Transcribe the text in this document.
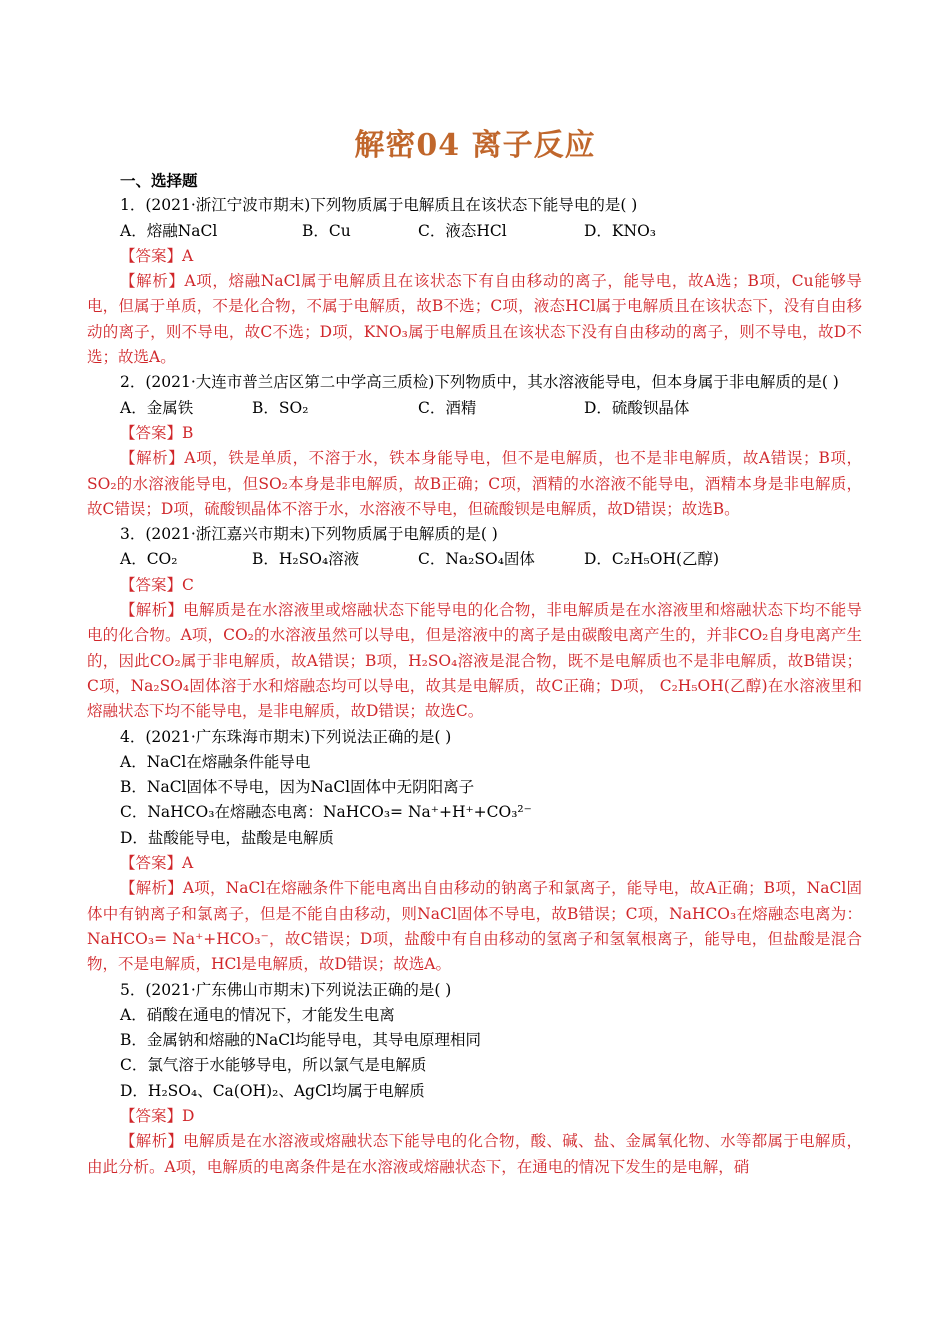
解密04 离子反应
一、选择题
1．(2021·浙江宁波市期末)下列物质属于电解质且在该状态下能导电的是( )
A．熔融NaCl	B．Cu	C．液态HCl	D．KNO₃
【答案】A
【解析】A项，熔融NaCl属于电解质且在该状态下有自由移动的离子，能导电，故A选；B项，Cu能够导电，但属于单质，不是化合物，不属于电解质，故B不选；C项，液态HCl属于电解质且在该状态下，没有自由移动的离子，则不导电，故C不选；D项，KNO₃属于电解质且在该状态下没有自由移动的离子，则不导电，故D不选；故选A。
2．(2021·大连市普兰店区第二中学高三质检)下列物质中，其水溶液能导电，但本身属于非电解质的是( )
A．金属铁	B．SO₂	C．酒精	D．硫酸钡晶体
【答案】B
【解析】A项，铁是单质，不溶于水，铁本身能导电，但不是电解质，也不是非电解质，故A错误；B项，SO₂的水溶液能导电，但SO₂本身是非电解质，故B正确；C项，酒精的水溶液不能导电，酒精本身是非电解质，故C错误；D项，硫酸钡晶体不溶于水，水溶液不导电，但硫酸钡是电解质，故D错误；故选B。
3．(2021·浙江嘉兴市期末)下列物质属于电解质的是( )
A．CO₂	B．H₂SO₄溶液	C．Na₂SO₄固体	D．C₂H₅OH(乙醇)
【答案】C
【解析】电解质是在水溶液里或熔融状态下能导电的化合物，非电解质是在水溶液里和熔融状态下均不能导电的化合物。A项，CO₂的水溶液虽然可以导电，但是溶液中的离子是由碳酸电离产生的，并非CO₂自身电离产生的，因此CO₂属于非电解质，故A错误；B项，H₂SO₄溶液是混合物，既不是电解质也不是非电解质，故B错误；C项，Na₂SO₄固体溶于水和熔融态均可以导电，故其是电解质，故C正确；D项， C₂H₅OH(乙醇)在水溶液里和熔融状态下均不能导电，是非电解质，故D错误；故选C。
4．(2021·广东珠海市期末)下列说法正确的是( )
A．NaCl在熔融条件能导电
B．NaCl固体不导电，因为NaCl固体中无阴阳离子
C．NaHCO₃在熔融态电离：NaHCO₃= Na⁺+H⁺+CO₃²⁻
D．盐酸能导电，盐酸是电解质
【答案】A
【解析】A项，NaCl在熔融条件下能电离出自由移动的钠离子和氯离子，能导电，故A正确；B项，NaCl固体中有钠离子和氯离子，但是不能自由移动，则NaCl固体不导电，故B错误；C项，NaHCO₃在熔融态电离为：NaHCO₃= Na⁺+HCO₃⁻，故C错误；D项，盐酸中有自由移动的氢离子和氢氧根离子，能导电，但盐酸是混合物，不是电解质，HCl是电解质，故D错误；故选A。
5．(2021·广东佛山市期末)下列说法正确的是( )
A．硝酸在通电的情况下，才能发生电离
B．金属钠和熔融的NaCl均能导电，其导电原理相同
C．氯气溶于水能够导电，所以氯气是电解质
D．H₂SO₄、Ca(OH)₂、AgCl均属于电解质
【答案】D
【解析】电解质是在水溶液或熔融状态下能导电的化合物，酸、碱、盐、金属氧化物、水等都属于电解质，由此分析。A项，电解质的电离条件是在水溶液或熔融状态下，在通电的情况下发生的是电解，硝
